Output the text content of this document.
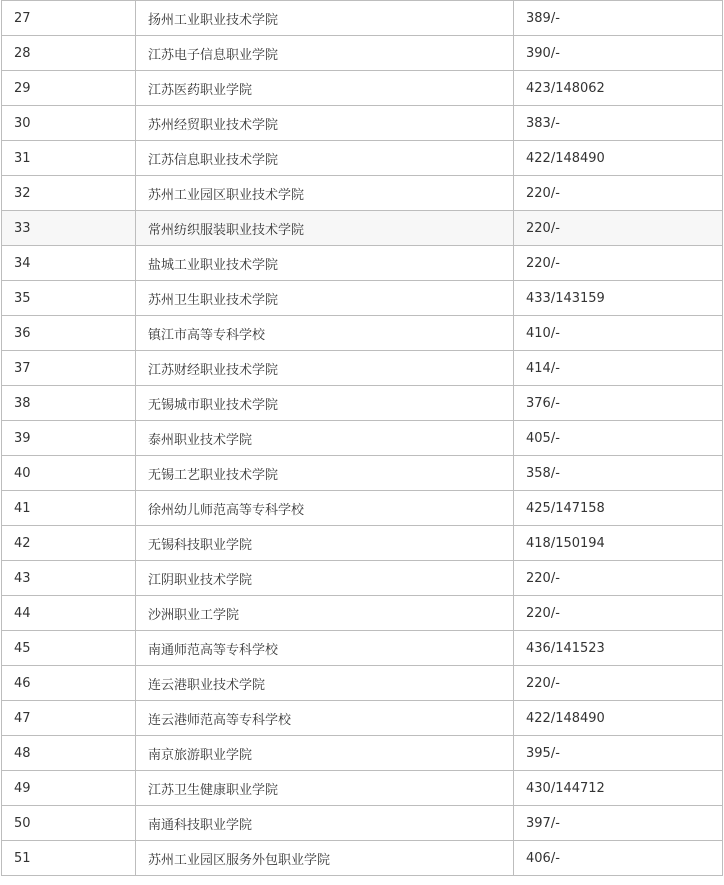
27	扬州工业职业技术学院	389/-
28	江苏电子信息职业学院	390/-
29	江苏医药职业学院	423/148062
30	苏州经贸职业技术学院	383/-
31	江苏信息职业技术学院	422/148490
32	苏州工业园区职业技术学院	220/-
33	常州纺织服装职业技术学院	220/-
34	盐城工业职业技术学院	220/-
35	苏州卫生职业技术学院	433/143159
36	镇江市高等专科学校	410/-
37	江苏财经职业技术学院	414/-
38	无锡城市职业技术学院	376/-
39	泰州职业技术学院	405/-
40	无锡工艺职业技术学院	358/-
41	徐州幼儿师范高等专科学校	425/147158
42	无锡科技职业学院	418/150194
43	江阴职业技术学院	220/-
44	沙洲职业工学院	220/-
45	南通师范高等专科学校	436/141523
46	连云港职业技术学院	220/-
47	连云港师范高等专科学校	422/148490
48	南京旅游职业学院	395/-
49	江苏卫生健康职业学院	430/144712
50	南通科技职业学院	397/-
51	苏州工业园区服务外包职业学院	406/-
